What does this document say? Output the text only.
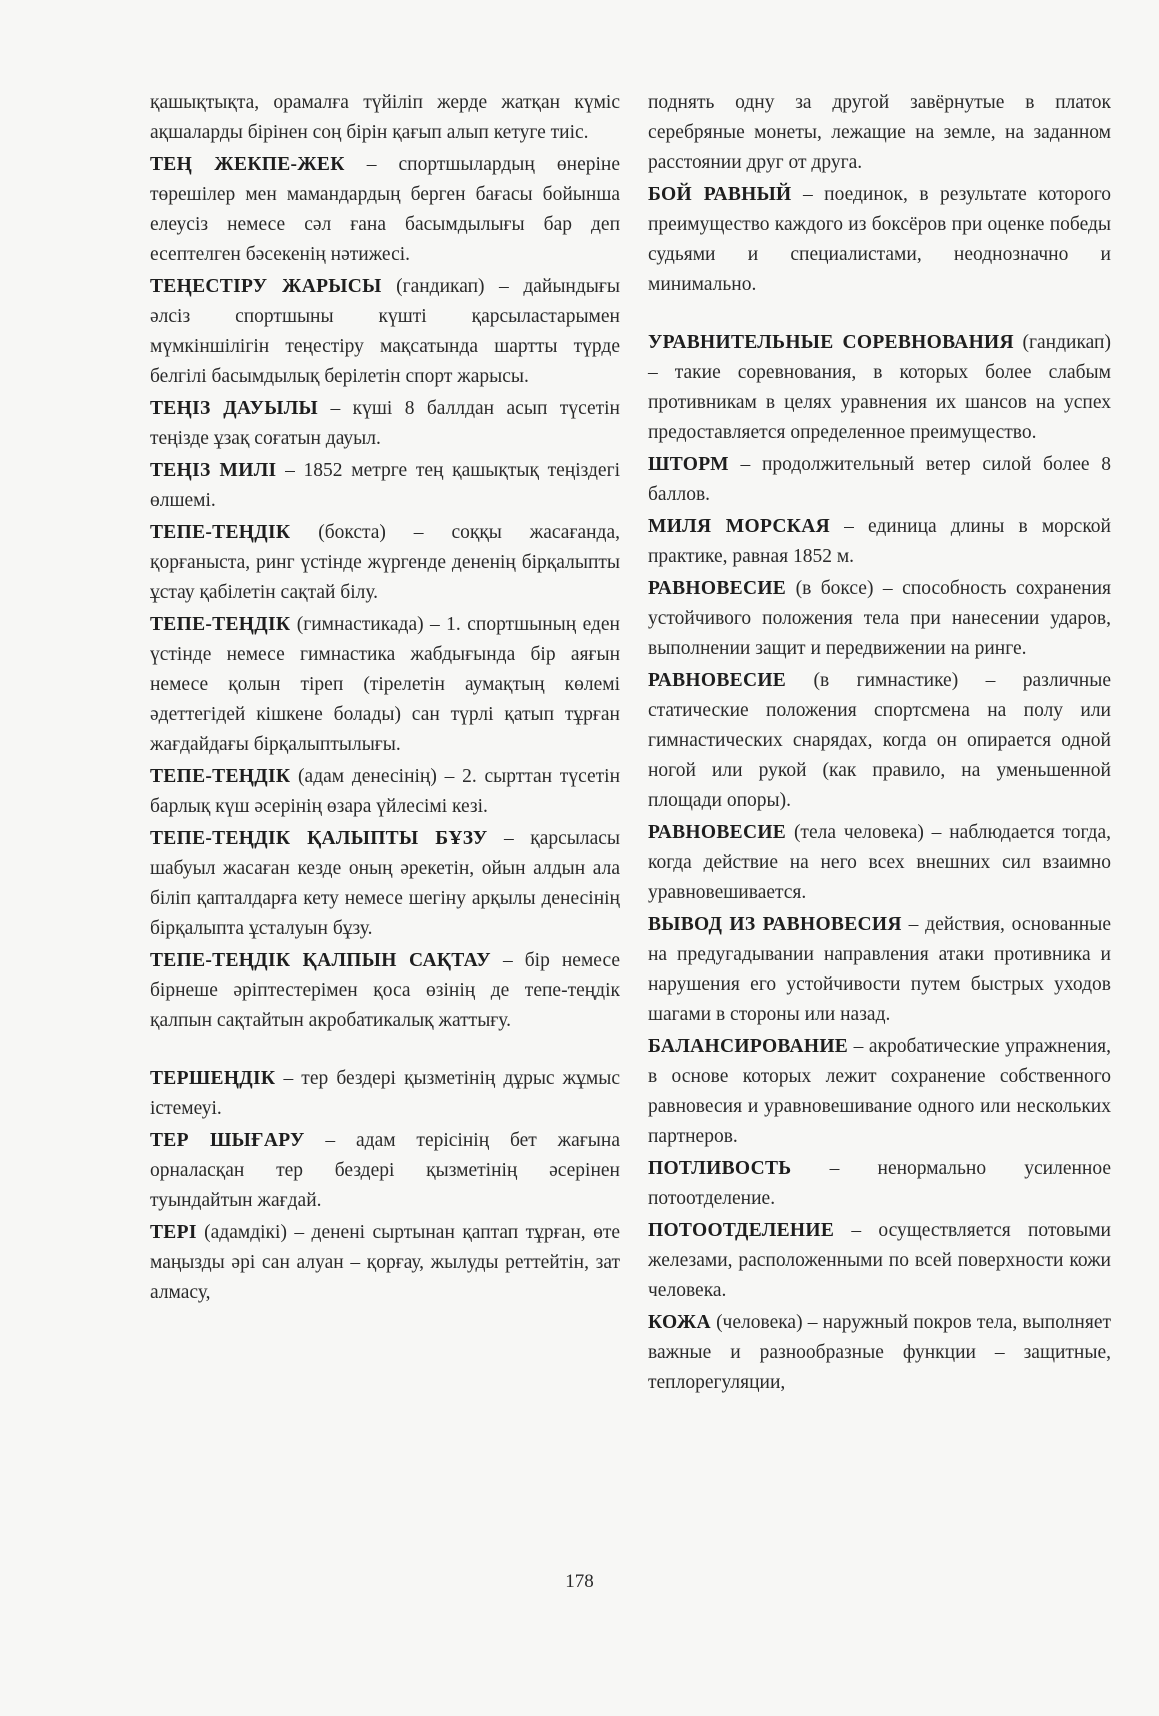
қашықтықта, орамалға түйіліп жерде жатқан күміс ақшаларды бірінен соң бірін қағып алып кетуге тиіс.

ТЕҢ ЖЕКПЕ-ЖЕК – спортшылардың өнеріне төрешілер мен мамандардың берген бағасы бойынша елеусіз немесе сәл ғана басымдылығы бар деп есептелген бәсекенің нәтижесі.

ТЕҢЕСТІРУ ЖАРЫСЫ (гандикап) – дайындығы әлсіз спортшыны күшті қарсыластарымен мүмкіншілігін теңестіру мақсатында шартты түрде белгілі басымдылық берілетін спорт жарысы.

ТЕҢІЗ ДАУЫЛЫ – күші 8 баллдан асып түсетін теңізде ұзақ соғатын дауыл.

ТЕҢІЗ МИЛІ – 1852 метрге тең қашықтық теңіздегі өлшемі.

ТЕПЕ-ТЕҢДІК (бокста) – соққы жасағанда, қорғаныста, ринг үстінде жүргенде дененің бірқалыпты ұстау қабілетін сақтай білу.

ТЕПЕ-ТЕҢДІК (гимнастикада) – 1. спортшының еден үстінде немесе гимнастика жабдығында бір аяғын немесе қолын тіреп (тірелетін аумақтың көлемі әдеттегідей кішкене болады) сан түрлі қатып тұрған жағдайдағы бірқалыптылығы.

ТЕПЕ-ТЕҢДІК (адам денесінің) – 2. сырттан түсетін барлық күш әсерінің өзара үйлесімі кезі.

ТЕПЕ-ТЕҢДІК ҚАЛЫПТЫ БҰЗУ – қарсыласы шабуыл жасаған кезде оның әрекетін, ойын алдын ала біліп қапталдарға кету немесе шегіну арқылы денесінің бірқалыпта ұсталуын бұзу.

ТЕПЕ-ТЕҢДІК ҚАЛПЫН САҚТАУ – бір немесе бірнеше әріптестерімен қоса өзінің де тепе-теңдік қалпын сақтайтын акробатикалық жаттығу.

ТЕРШЕҢДІК – тер бездері қызметінің дұрыс жұмыс істемеуі.

ТЕР ШЫҒАРУ – адам терісінің бет жағына орналасқан тер бездері қызметінің әсерінен туындайтын жағдай.

ТЕРІ (адамдікі) – денені сыртынан қаптап тұрған, өте маңызды әрі сан алуан – қорғау, жылуды реттейтін, зат алмасу,

поднять одну за другой завёрнутые в платок серебряные монеты, лежащие на земле, на заданном расстоянии друг от друга.

БОЙ РАВНЫЙ – поединок, в результате которого преимущество каждого из боксёров при оценке победы судьями и специалистами, неоднозначно и минимально.

УРАВНИТЕЛЬНЫЕ СОРЕВНОВАНИЯ (гандикап) – такие соревнования, в которых более слабым противникам в целях уравнения их шансов на успех предоставляется определенное преимущество.

ШТОРМ – продолжительный ветер силой более 8 баллов.

МИЛЯ МОРСКАЯ – единица длины в морской практике, равная 1852 м.

РАВНОВЕСИЕ (в боксе) – способность сохранения устойчивого положения тела при нанесении ударов, выполнении защит и передвижении на ринге.

РАВНОВЕСИЕ (в гимнастике) – различные статические положения спортсмена на полу или гимнастических снарядах, когда он опирается одной ногой или рукой (как правило, на уменьшенной площади опоры).

РАВНОВЕСИЕ (тела человека) – наблюдается тогда, когда действие на него всех внешних сил взаимно уравновешивается.

ВЫВОД ИЗ РАВНОВЕСИЯ – действия, основанные на предугадывании направления атаки противника и нарушения его устойчивости путем быстрых уходов шагами в стороны или назад.

БАЛАНСИРОВАНИЕ – акробатические упражнения, в основе которых лежит сохранение собственного равновесия и уравновешивание одного или нескольких партнеров.

ПОТЛИВОСТЬ – ненормально усиленное потоотделение.

ПОТООТДЕЛЕНИЕ – осуществляется потовыми железами, расположенными по всей поверхности кожи человека.

КОЖА (человека) – наружный покров тела, выполняет важные и разнообразные функции – защитные, теплорегуляции,

178
